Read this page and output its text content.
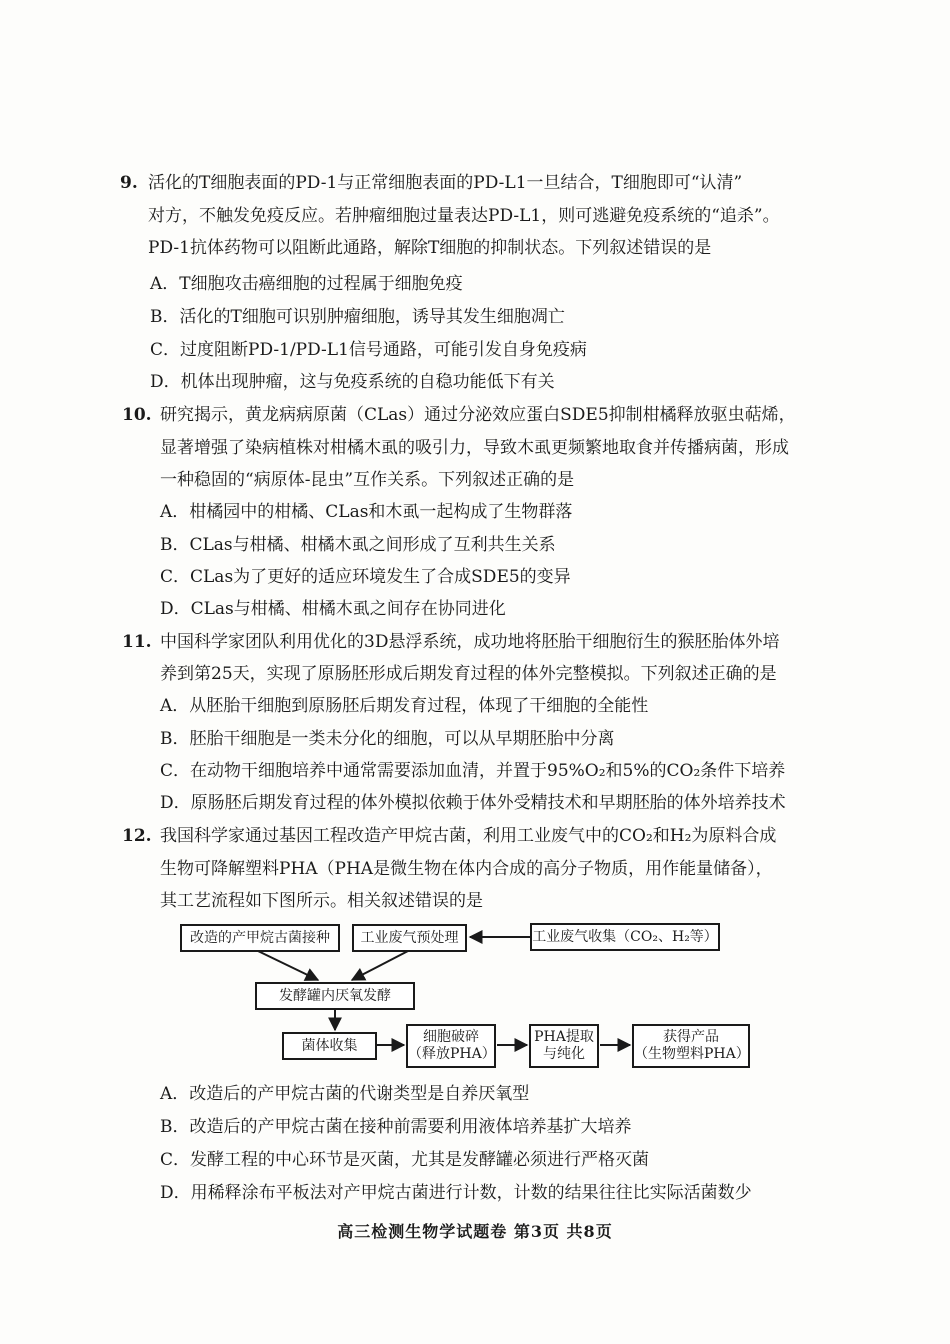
9. 活化的T细胞表面的PD-1与正常细胞表面的PD-L1一旦结合，T细胞即可“认清”
对方，不触发免疫反应。若肿瘤细胞过量表达PD-L1，则可逃避免疫系统的“追杀”。
PD-1抗体药物可以阻断此通路，解除T细胞的抑制状态。下列叙述错误的是
A．T细胞攻击癌细胞的过程属于细胞免疫
B．活化的T细胞可识别肿瘤细胞，诱导其发生细胞凋亡
C．过度阻断PD-1/PD-L1信号通路，可能引发自身免疫病
D．机体出现肿瘤，这与免疫系统的自稳功能低下有关
10. 研究揭示，黄龙病病原菌（CLas）通过分泌效应蛋白SDE5抑制柑橘释放驱虫萜烯，
显著增强了染病植株对柑橘木虱的吸引力，导致木虱更频繁地取食并传播病菌，形成
一种稳固的“病原体-昆虫”互作关系。下列叙述正确的是
A．柑橘园中的柑橘、CLas和木虱一起构成了生物群落
B．CLas与柑橘、柑橘木虱之间形成了互利共生关系
C．CLas为了更好的适应环境发生了合成SDE5的变异
D．CLas与柑橘、柑橘木虱之间存在协同进化
11. 中国科学家团队利用优化的3D悬浮系统，成功地将胚胎干细胞衍生的猴胚胎体外培
养到第25天，实现了原肠胚形成后期发育过程的体外完整模拟。下列叙述正确的是
A．从胚胎干细胞到原肠胚后期发育过程，体现了干细胞的全能性
B．胚胎干细胞是一类未分化的细胞，可以从早期胚胎中分离
C．在动物干细胞培养中通常需要添加血清，并置于95%O₂和5%的CO₂条件下培养
D．原肠胚后期发育过程的体外模拟依赖于体外受精技术和早期胚胎的体外培养技术
12. 我国科学家通过基因工程改造产甲烷古菌，利用工业废气中的CO₂和H₂为原料合成
生物可降解塑料PHA（PHA是微生物在体内合成的高分子物质，用作能量储备），
其工艺流程如下图所示。相关叙述错误的是
改造的产甲烷古菌接种 工业废气预处理	工业废气收集（CO₂、H₂等）
发酵罐内厌氧发酵
菌体收集
细胞破碎
（释放PHA）
PHA提取
与纯化
获得产品
（生物塑料PHA）
A．改造后的产甲烷古菌的代谢类型是自养厌氧型
B．改造后的产甲烷古菌在接种前需要利用液体培养基扩大培养
C．发酵工程的中心环节是灭菌，尤其是发酵罐必须进行严格灭菌
D．用稀释涂布平板法对产甲烷古菌进行计数，计数的结果往往比实际活菌数少
高三检测生物学试题卷 第3页 共8页
